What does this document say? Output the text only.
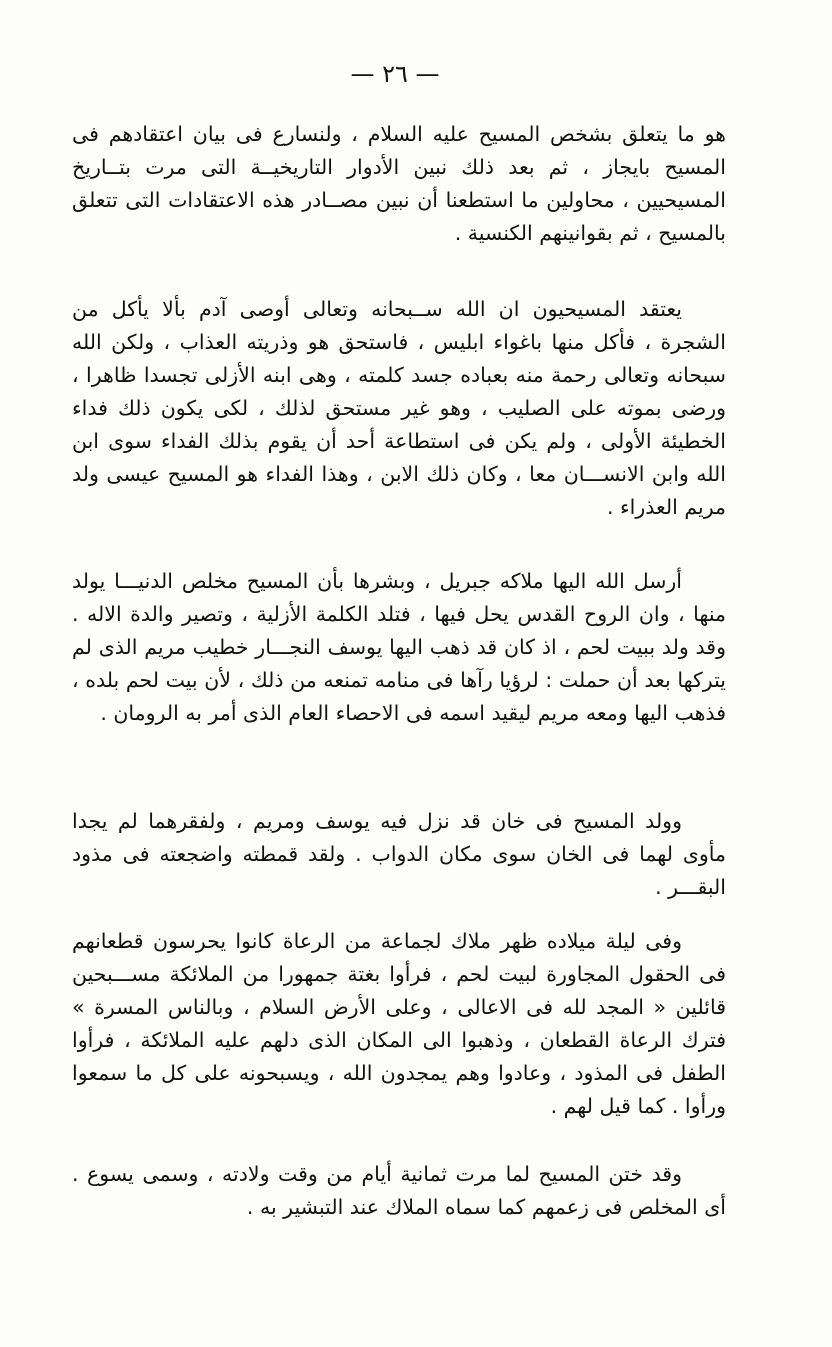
— ٢٦ —

هو ما يتعلق بشخص المسيح عليه السلام ، ولنسارع فى بيان اعتقادهم فى المسيح بايجاز ، ثم بعد ذلك نبين الأدوار التاريخيــة التى مرت بتــاريخ المسيحيين ، محاولين ما استطعنا أن نبين مصــادر هذه الاعتقادات التى تتعلق بالمسيح ، ثم بقوانينهم الكنسية .

يعتقد المسيحيون ان الله ســبحانه وتعالى أوصى آدم بألا يأكل من الشجرة ، فأكل منها باغواء ابليس ، فاستحق هو وذريته العذاب ، ولكن الله سبحانه وتعالى رحمة منه بعباده جسد كلمته ، وهى ابنه الأزلى تجسدا ظاهرا ، ورضى بموته على الصليب ، وهو غير مستحق لذلك ، لكى يكون ذلك فداء الخطيئة الأولى ، ولم يكن فى استطاعة أحد أن يقوم بذلك الفداء سوى ابن الله وابن الانســـان معا ، وكان ذلك الابن ، وهذا الفداء هو المسيح عيسى ولد مريم العذراء .

أرسل الله اليها ملاكه جبريل ، وبشرها بأن المسيح مخلص الدنيـــا يولد منها ، وان الروح القدس يحل فيها ، فتلد الكلمة الأزلية ، وتصير والدة الاله . وقد ولد ببيت لحم ، اذ كان قد ذهب اليها يوسف النجـــار خطيب مريم الذى لم يتركها بعد أن حملت : لرؤيا رآها فى منامه تمنعه من ذلك ، لأن بيت لحم بلده ، فذهب اليها ومعه مريم ليقيد اسمه فى الاحصاء العام الذى أمر به الرومان .

وولد المسيح فى خان قد نزل فيه يوسف ومريم ، ولفقرهما لم يجدا مأوى لهما فى الخان سوى مكان الدواب . ولقد قمطته واضجعته فى مذود البقـــر .

وفى ليلة ميلاده ظهر ملاك لجماعة من الرعاة كانوا يحرسون قطعانهم فى الحقول المجاورة لبيت لحم ، فرأوا بغتة جمهورا من الملائكة مســـبحين قائلين « المجد لله فى الاعالى ، وعلى الأرض السلام ، وبالناس المسرة » فترك الرعاة القطعان ، وذهبوا الى المكان الذى دلهم عليه الملائكة ، فرأوا الطفل فى المذود ، وعادوا وهم يمجدون الله ، ويسبحونه على كل ما سمعوا ورأوا . كما قيل لهم .

وقد ختن المسيح لما مرت ثمانية أيام من وقت ولادته ، وسمى يسوع . أى المخلص فى زعمهم كما سماه الملاك عند التبشير به .
